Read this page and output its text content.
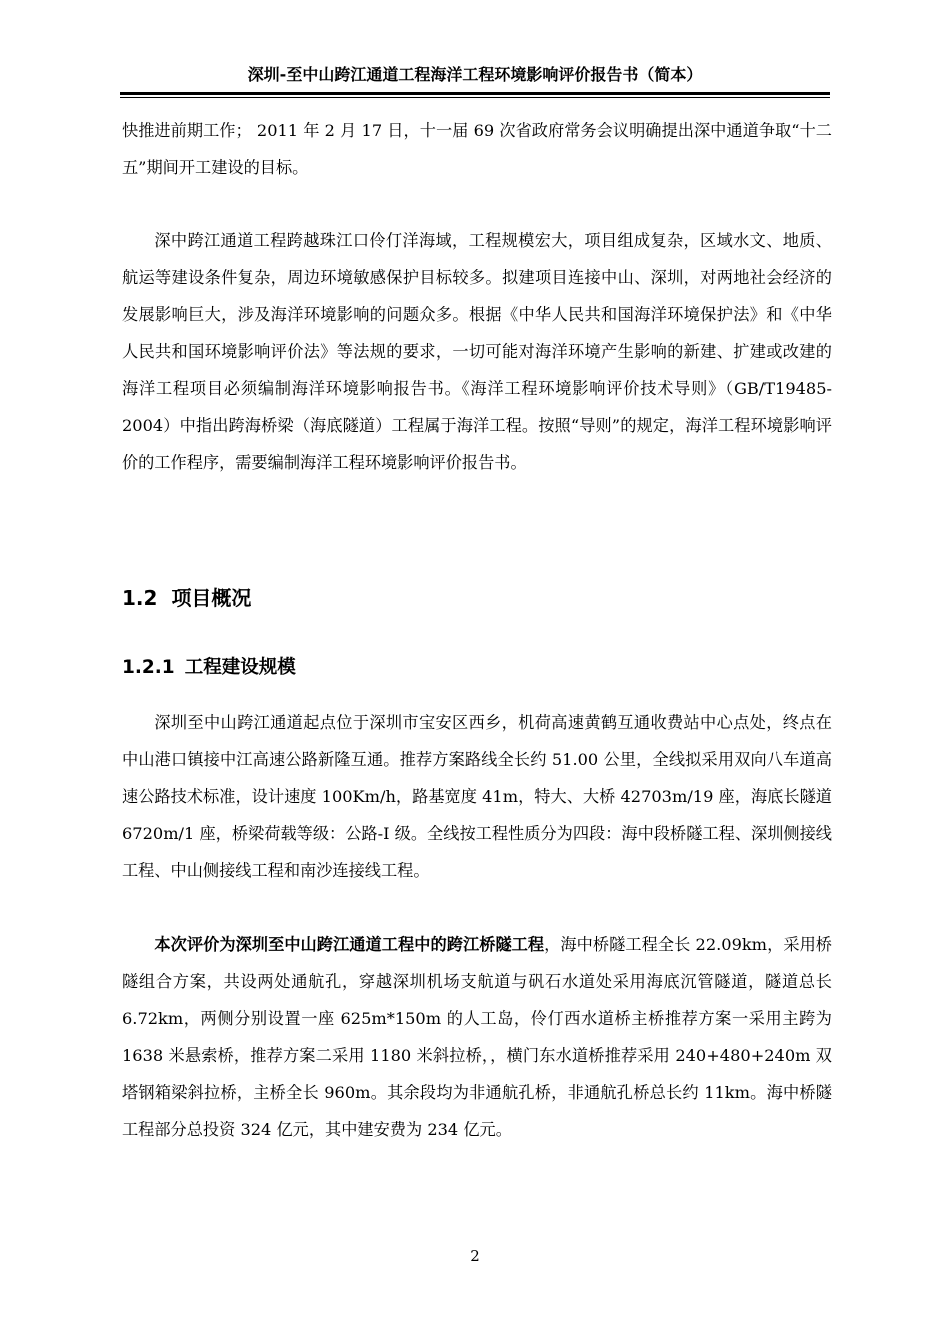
深圳-至中山跨江通道工程海洋工程环境影响评价报告书（简本）

快推进前期工作； 2011 年 2 月 17 日，十一届 69 次省政府常务会议明确提出深中通道争取“十二五”期间开工建设的目标。

深中跨江通道工程跨越珠江口伶仃洋海域，工程规模宏大，项目组成复杂，区域水文、地质、航运等建设条件复杂，周边环境敏感保护目标较多。拟建项目连接中山、深圳，对两地社会经济的发展影响巨大，涉及海洋环境影响的问题众多。根据《中华人民共和国海洋环境保护法》和《中华人民共和国环境影响评价法》等法规的要求，一切可能对海洋环境产生影响的新建、扩建或改建的海洋工程项目必须编制海洋环境影响报告书。《海洋工程环境影响评价技术导则》（GB/T19485-2004）中指出跨海桥梁（海底隧道）工程属于海洋工程。按照“导则”的规定，海洋工程环境影响评价的工作程序，需要编制海洋工程环境影响评价报告书。

1.2 项目概况
1.2.1 工程建设规模

深圳至中山跨江通道起点位于深圳市宝安区西乡，机荷高速黄鹤互通收费站中心点处，终点在中山港口镇接中江高速公路新隆互通。推荐方案路线全长约 51.00 公里，全线拟采用双向八车道高速公路技术标准，设计速度 100Km/h，路基宽度 41m，特大、大桥 42703m/19 座，海底长隧道 6720m/1 座，桥梁荷载等级：公路-I 级。全线按工程性质分为四段：海中段桥隧工程、深圳侧接线工程、中山侧接线工程和南沙连接线工程。

本次评价为深圳至中山跨江通道工程中的跨江桥隧工程，海中桥隧工程全长 22.09km，采用桥隧组合方案，共设两处通航孔，穿越深圳机场支航道与矾石水道处采用海底沉管隧道，隧道总长 6.72km，两侧分别设置一座 625m*150m 的人工岛，伶仃西水道桥主桥推荐方案一采用主跨为 1638 米悬索桥，推荐方案二采用 1180 米斜拉桥，，横门东水道桥推荐采用 240+480+240m 双塔钢箱梁斜拉桥，主桥全长 960m。其余段均为非通航孔桥，非通航孔桥总长约 11km。海中桥隧工程部分总投资 324 亿元，其中建安费为 234 亿元。

2
